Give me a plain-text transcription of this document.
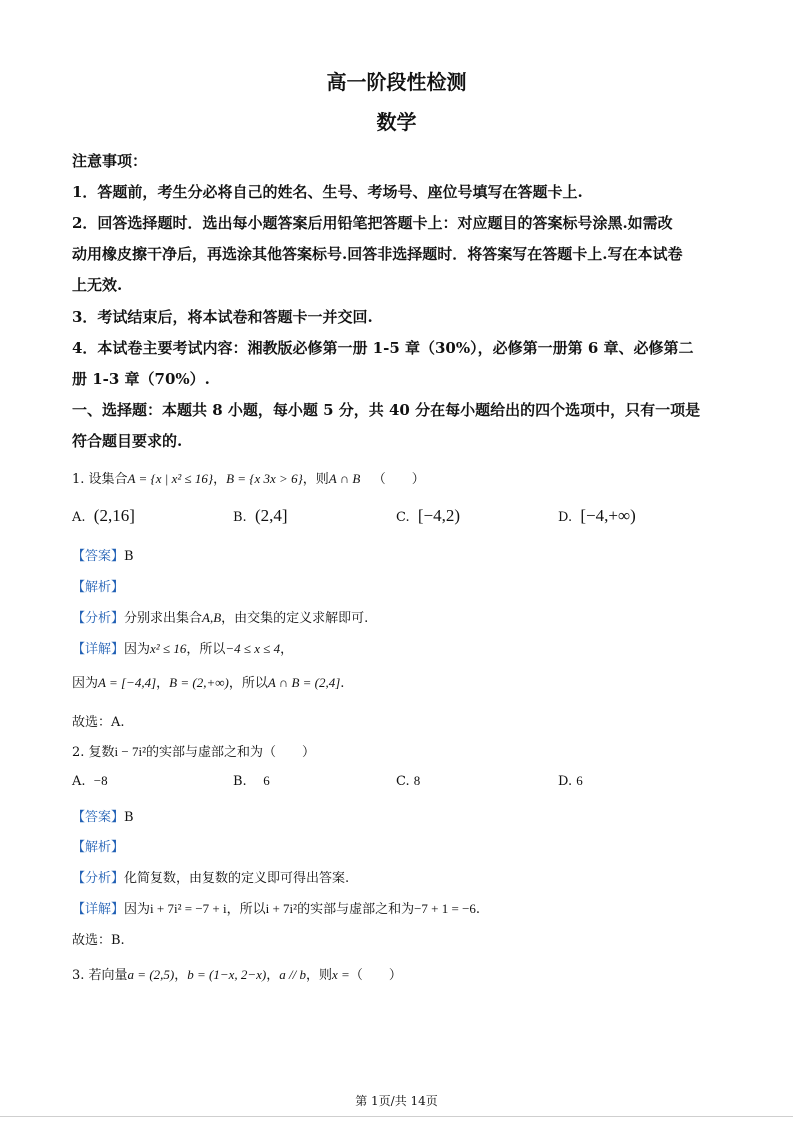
高一阶段性检测
数学
注意事项：
1．答题前，考生分必将自己的姓名、生号、考场号、座位号填写在答题卡上.
2．回答选择题时．选出每小题答案后用铅笔把答题卡上：对应题目的答案标号涂黑.如需改
动用橡皮擦干净后，再选涂其他答案标号.回答非选择题时．将答案写在答题卡上.写在本试卷
上无效.
3．考试结束后，将本试卷和答题卡一并交回.
4．本试卷主要考试内容：湘教版必修第一册 1-5 章（30%），必修第一册第 6 章、必修第二
册 1-3 章（70%）.
一、选择题：本题共 8 小题，每小题 5 分，共 40 分在每小题给出的四个选项中，只有一项是
符合题目要求的.
1. 设集合A = {x | x² ≤ 16}，B = {x 3x > 6}，则A ∩ B （　　）
A. (2,16]	B. (2,4]	C. [−4,2)	D. [−4,+∞)
【答案】B
【解析】
【分析】分别求出集合A,B，由交集的定义求解即可.
【详解】因为x² ≤ 16，所以−4 ≤ x ≤ 4，
因为A = [−4,4]，B = (2,+∞)，所以A ∩ B = (2,4].
故选：A.
2. 复数i − 7i²的实部与虚部之和为（　　）
A. −8	B. 6	C. 8	D. 6
【答案】B
【解析】
【分析】化简复数，由复数的定义即可得出答案.
【详解】因为i + 7i² = −7 + i，所以i + 7i²的实部与虚部之和为−7 + 1 = −6.
故选：B.
3. 若向量a = (2,5)，b = (1−x, 2−x)，a // b，则x =（　　）
第 1页/共 14页
